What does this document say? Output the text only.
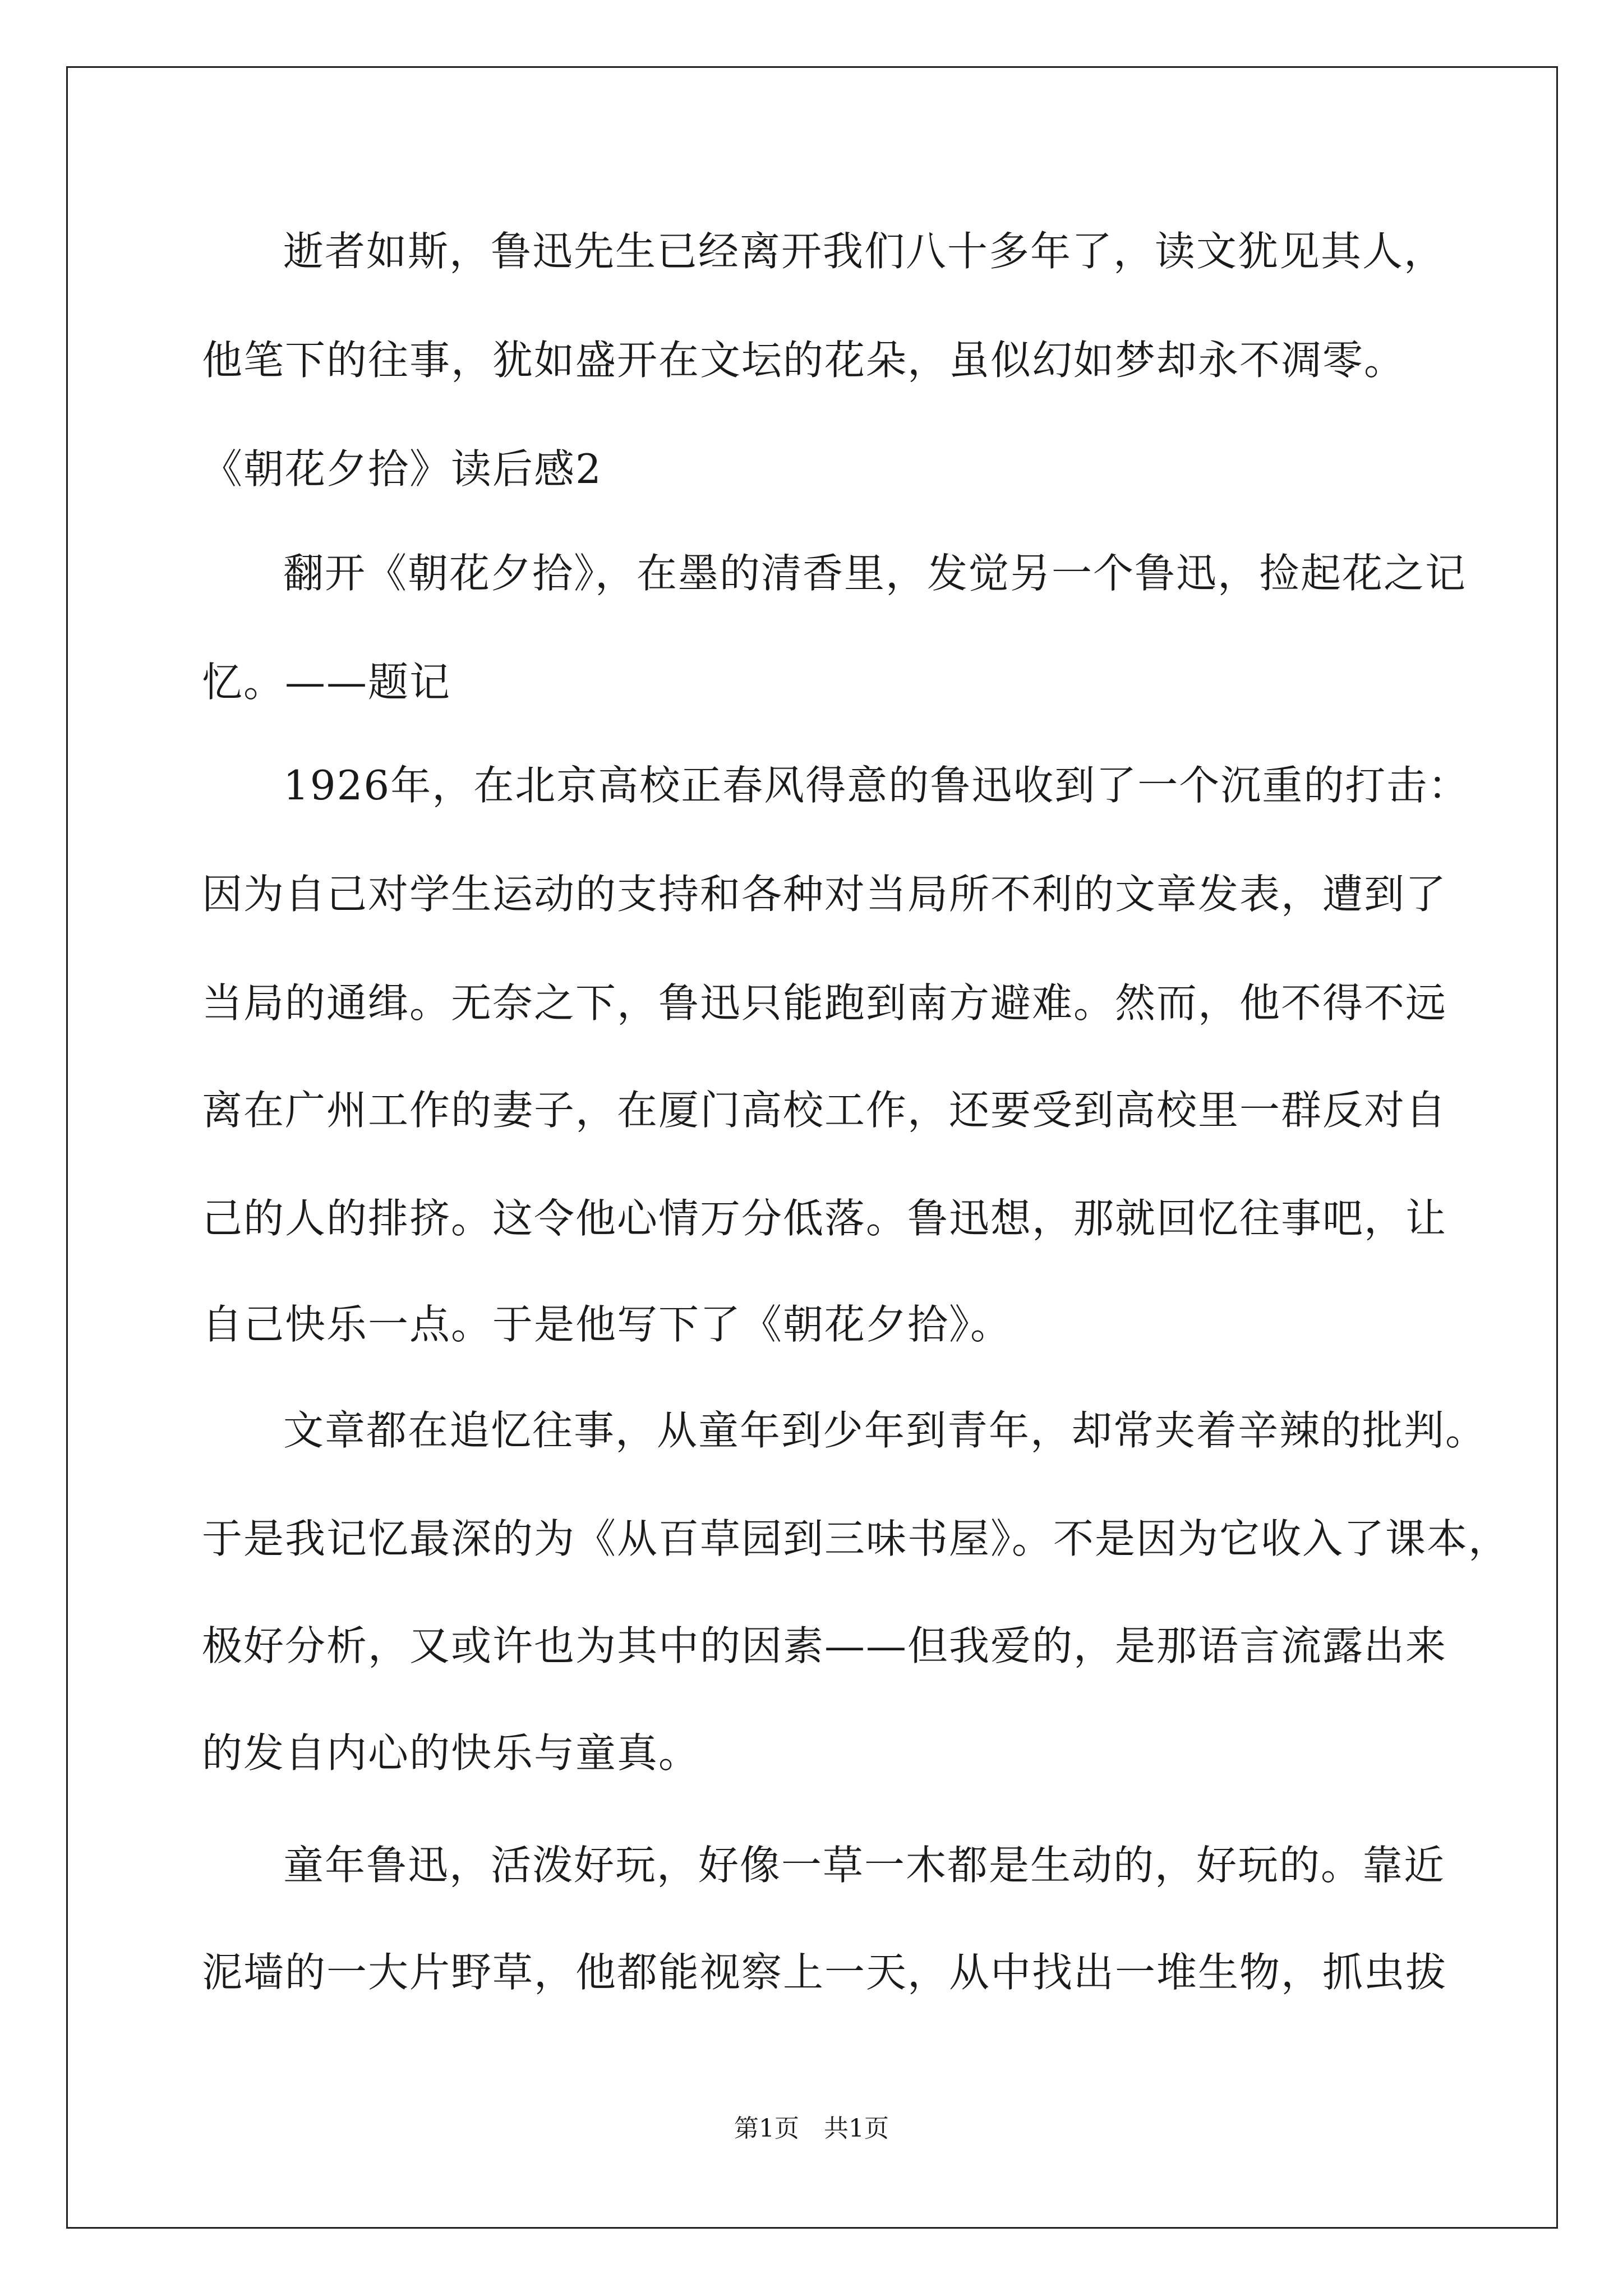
逝者如斯，鲁迅先生已经离开我们八十多年了，读文犹见其人，
他笔下的往事，犹如盛开在文坛的花朵，虽似幻如梦却永不凋零。
《朝花夕拾》读后感2
翻开《朝花夕拾》，在墨的清香里，发觉另一个鲁迅，捡起花之记
忆。——题记
1926年，在北京高校正春风得意的鲁迅收到了一个沉重的打击：
因为自己对学生运动的支持和各种对当局所不利的文章发表，遭到了
当局的通缉。无奈之下，鲁迅只能跑到南方避难。然而，他不得不远
离在广州工作的妻子，在厦门高校工作，还要受到高校里一群反对自
己的人的排挤。这令他心情万分低落。鲁迅想，那就回忆往事吧，让
自己快乐一点。于是他写下了《朝花夕拾》。
文章都在追忆往事，从童年到少年到青年，却常夹着辛辣的批判。
于是我记忆最深的为《从百草园到三味书屋》。不是因为它收入了课本，
极好分析，又或许也为其中的因素——但我爱的，是那语言流露出来
的发自内心的快乐与童真。
童年鲁迅，活泼好玩，好像一草一木都是生动的，好玩的。靠近
泥墙的一大片野草，他都能视察上一天，从中找出一堆生物，抓虫拔
第1页　共1页
